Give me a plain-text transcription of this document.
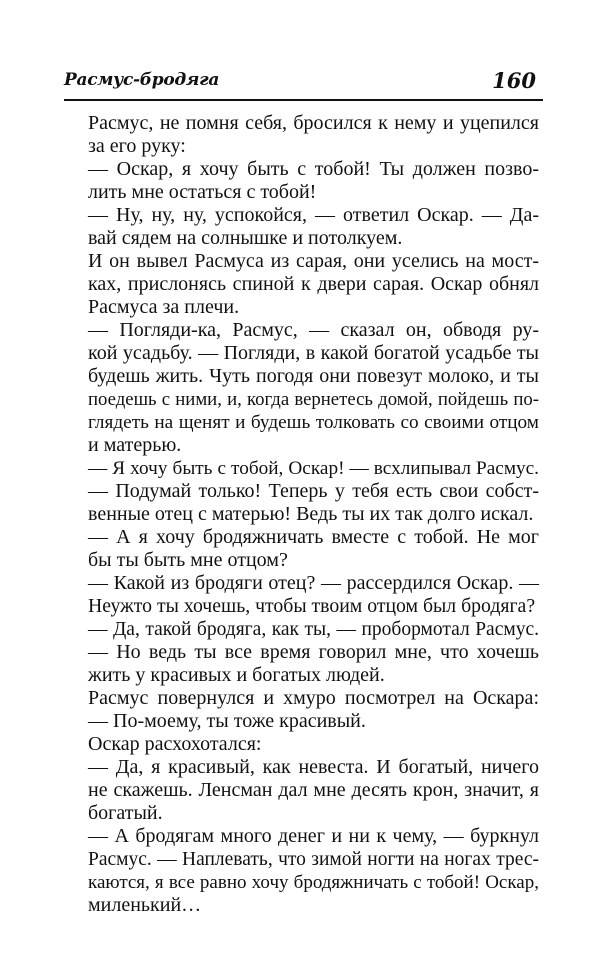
Расмус-бродяга	160
Расмус, не помня себя, бросился к нему и уцепился
за его руку:
— Оскар, я хочу быть с тобой! Ты должен позво-
лить мне остаться с тобой!
— Ну, ну, ну, успокойся, — ответил Оскар. — Да-
вай сядем на солнышке и потолкуем.
И он вывел Расмуса из сарая, они уселись на мост-
ках, прислонясь спиной к двери сарая. Оскар обнял
Расмуса за плечи.
— Погляди-ка, Расмус, — сказал он, обводя ру-
кой усадьбу. — Погляди, в какой богатой усадьбе ты
будешь жить. Чуть погодя они повезут молоко, и ты
поедешь с ними, и, когда вернетесь домой, пойдешь по-
глядеть на щенят и будешь толковать со своими отцом
и матерью.
— Я хочу быть с тобой, Оскар! — всхлипывал Расмус.
— Подумай только! Теперь у тебя есть свои собст-
венные отец с матерью! Ведь ты их так долго искал.
— А я хочу бродяжничать вместе с тобой. Не мог
бы ты быть мне отцом?
— Какой из бродяги отец? — рассердился Оскар. —
Неужто ты хочешь, чтобы твоим отцом был бродяга?
— Да, такой бродяга, как ты, — пробормотал Расмус.
— Но ведь ты все время говорил мне, что хочешь
жить у красивых и богатых людей.
Расмус повернулся и хмуро посмотрел на Оскара:
— По-моему, ты тоже красивый.
Оскар расхохотался:
— Да, я красивый, как невеста. И богатый, ничего
не скажешь. Ленсман дал мне десять крон, значит, я
богатый.
— А бродягам много денег и ни к чему, — буркнул
Расмус. — Наплевать, что зимой ногти на ногах трес-
каются, я все равно хочу бродяжничать с тобой! Оскар,
миленький…
